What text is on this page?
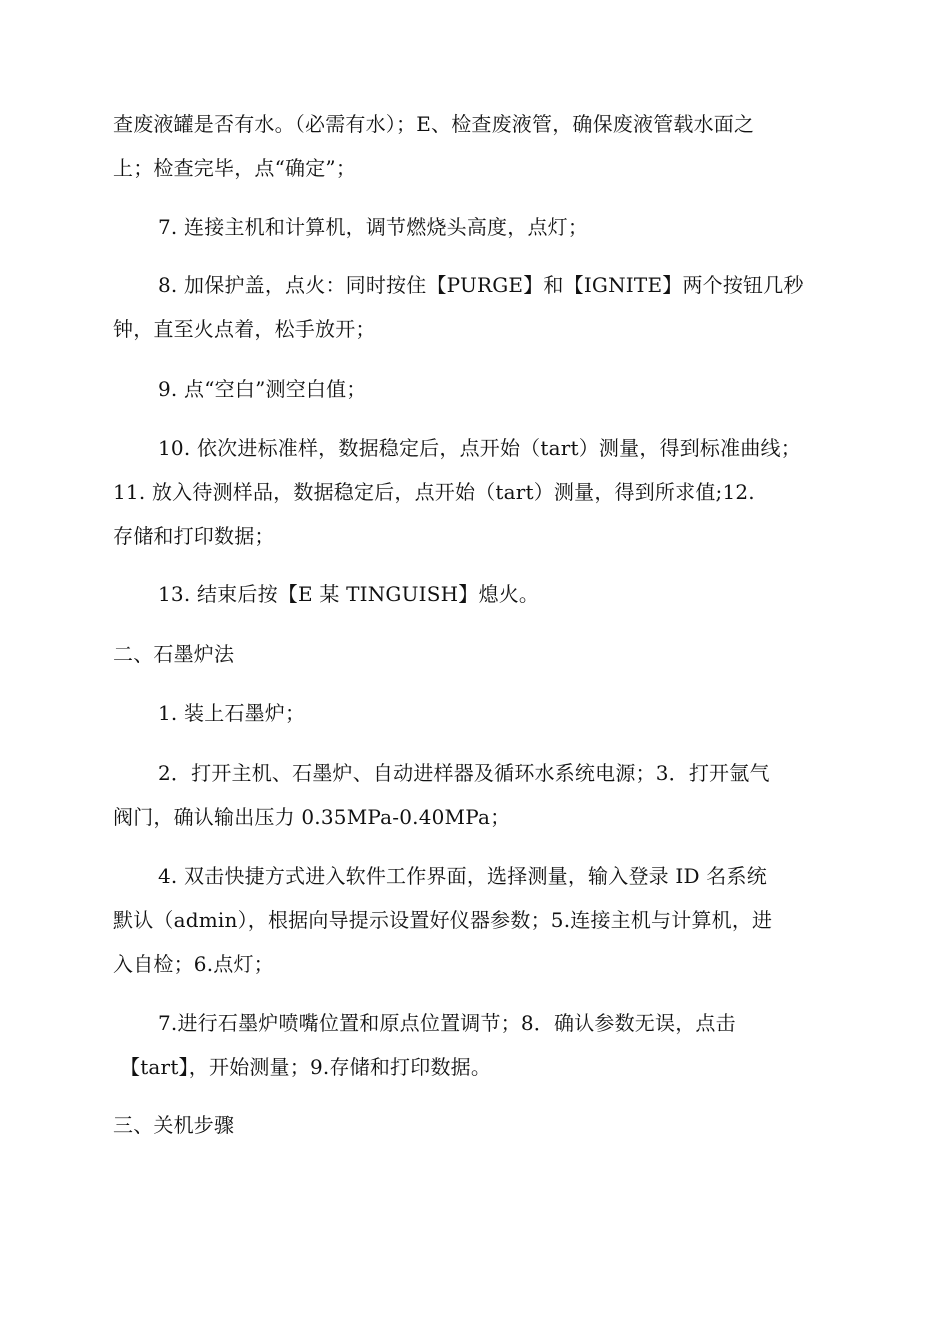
查废液罐是否有水。（必需有水）；E、检查废液管，确保废液管载水面之
上；检查完毕，点“确定”；
7. 连接主机和计算机，调节燃烧头高度，点灯；
8. 加保护盖，点火：同时按住【PURGE】和【IGNITE】两个按钮几秒
钟，直至火点着，松手放开；
9. 点“空白”测空白值；
10. 依次进标准样，数据稳定后，点开始（tart）测量，得到标准曲线；
11. 放入待测样品，数据稳定后，点开始（tart）测量，得到所求值;12.
存储和打印数据；
13. 结束后按【E 某 TINGUISH】熄火。
二、石墨炉法
1. 装上石墨炉；
2．打开主机、石墨炉、自动进样器及循环水系统电源；3．打开氩气
阀门，确认输出压力 0.35MPa-0.40MPa；
4. 双击快捷方式进入软件工作界面，选择测量，输入登录 ID 名系统
默认（admin），根据向导提示设置好仪器参数；5.连接主机与计算机，进
入自检；6.点灯；
7.进行石墨炉喷嘴位置和原点位置调节；8．确认参数无误，点击
【tart】，开始测量；9.存储和打印数据。
三、关机步骤
